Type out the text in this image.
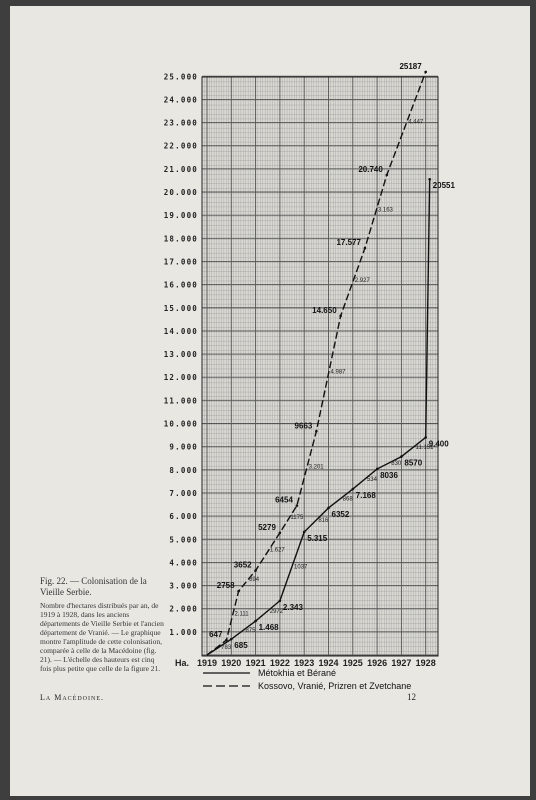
1.000
2.000
3.000
4.000
5.000
6.000
7.000
8.000
9.000
10.000
11.000
12.000
13.000
14.000
15.000
16.000
17.000
18.000
19.000
20.000
21.000
22.000
23.000
24.000
25.000
1919 1920 1921 1922 1923 1924 1925 1926 1927 1928
Ha.
685
783
1.468
875
2.343
2972
5.315
1037
6352
816
7.168
868
8036
534
8570
830
9.400
11.151
20551
647
2758
2.111
3652
894
5279
1.627
6454
1175
9663
3.201
14.650
4.987
17.577
2.927
20.740
3.163
25187
4.447
Métokhia et Bérané
Kossovo, Vranié, Prizren et Zvetchane
Fig. 22. — Colonisation de la Vieille Serbie.
Nombre d'hectares distribués par an, de 1919 à 1928, dans les anciens départements de Vieille Serbie et l'ancien département de Vranié. — Le graphique montre l'amplitude de cette colonisation, comparée à celle de la Macédoine (fig. 21). — L'échelle des hauteurs est cinq fois plus petite que celle de la figure 21.
La Macédoine.	12
